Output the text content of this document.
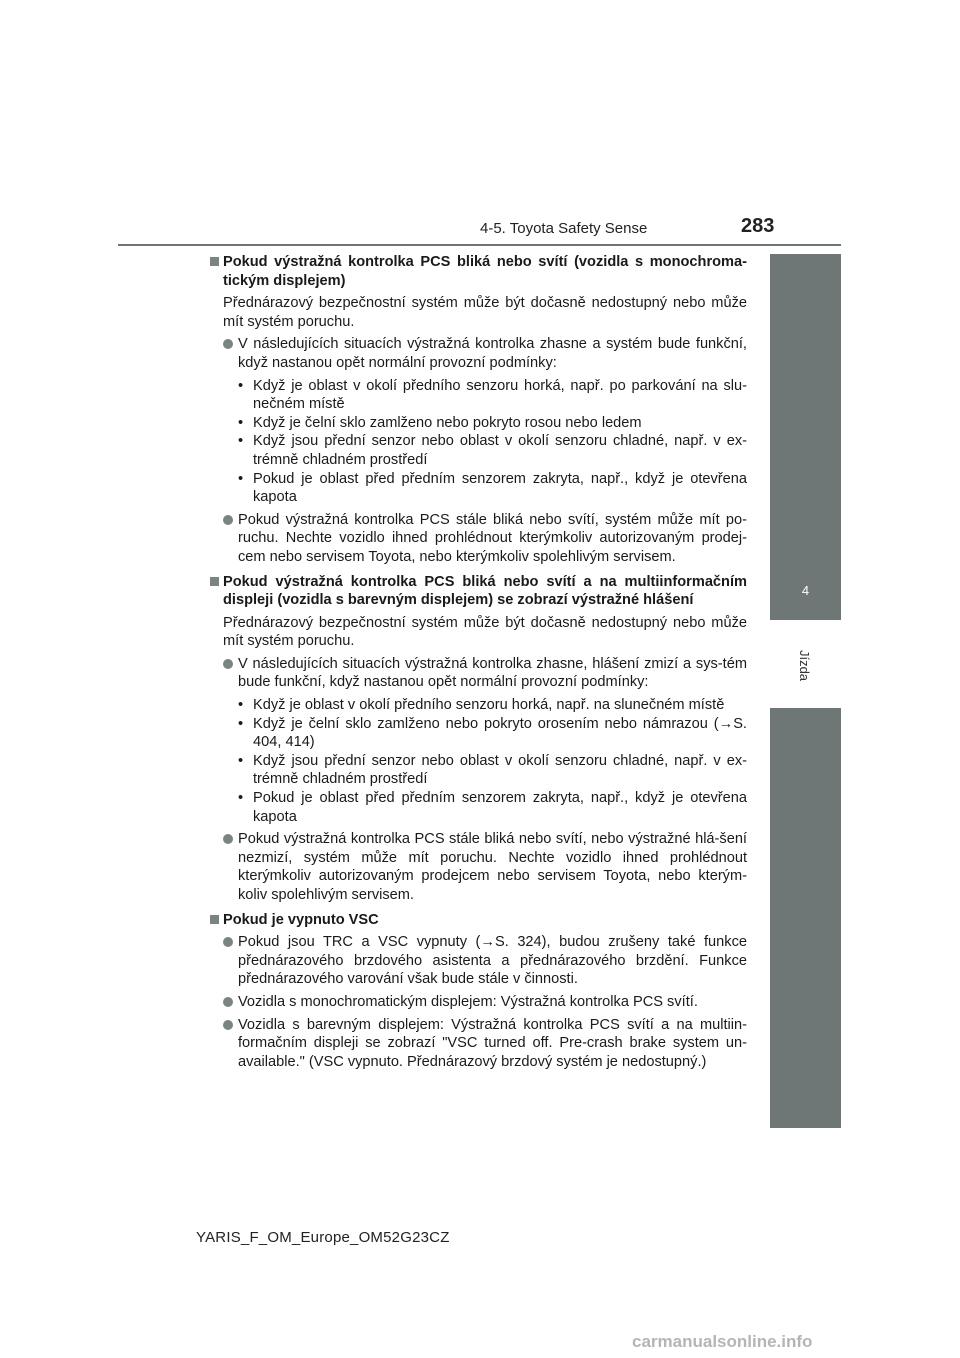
4-5. Toyota Safety Sense	283
4
Jízda
Pokud výstražná kontrolka PCS bliká nebo svítí (vozidla s monochroma-tickým displejem)
Přednárazový bezpečnostní systém může být dočasně nedostupný nebo může mít systém poruchu.
V následujících situacích výstražná kontrolka zhasne a systém bude funkční, když nastanou opět normální provozní podmínky:
• Když je oblast v okolí předního senzoru horká, např. po parkování na slu-nečném místě
• Když je čelní sklo zamlženo nebo pokryto rosou nebo ledem
• Když jsou přední senzor nebo oblast v okolí senzoru chladné, např. v ex-trémně chladném prostředí
• Pokud je oblast před předním senzorem zakryta, např., když je otevřena kapota
Pokud výstražná kontrolka PCS stále bliká nebo svítí, systém může mít po-ruchu. Nechte vozidlo ihned prohlédnout kterýmkoliv autorizovaným prodej-cem nebo servisem Toyota, nebo kterýmkoliv spolehlivým servisem.
Pokud výstražná kontrolka PCS bliká nebo svítí a na multiinformačním displeji (vozidla s barevným displejem) se zobrazí výstražné hlášení
Přednárazový bezpečnostní systém může být dočasně nedostupný nebo může mít systém poruchu.
V následujících situacích výstražná kontrolka zhasne, hlášení zmizí a sys-tém bude funkční, když nastanou opět normální provozní podmínky:
• Když je oblast v okolí předního senzoru horká, např. na slunečném místě
• Když je čelní sklo zamlženo nebo pokryto orosením nebo námrazou (→S. 404, 414)
• Když jsou přední senzor nebo oblast v okolí senzoru chladné, např. v ex-trémně chladném prostředí
• Pokud je oblast před předním senzorem zakryta, např., když je otevřena kapota
Pokud výstražná kontrolka PCS stále bliká nebo svítí, nebo výstražné hlá-šení nezmizí, systém může mít poruchu. Nechte vozidlo ihned prohlédnout kterýmkoliv autorizovaným prodejcem nebo servisem Toyota, nebo kterým-koliv spolehlivým servisem.
Pokud je vypnuto VSC
Pokud jsou TRC a VSC vypnuty (→S. 324), budou zrušeny také funkce přednárazového brzdového asistenta a přednárazového brzdění. Funkce přednárazového varování však bude stále v činnosti.
Vozidla s monochromatickým displejem: Výstražná kontrolka PCS svítí.
Vozidla s barevným displejem: Výstražná kontrolka PCS svítí a na multiin-formačním displeji se zobrazí "VSC turned off. Pre-crash brake system un-available." (VSC vypnuto. Přednárazový brzdový systém je nedostupný.)
YARIS_F_OM_Europe_OM52G23CZ
carmanualsonline.info
